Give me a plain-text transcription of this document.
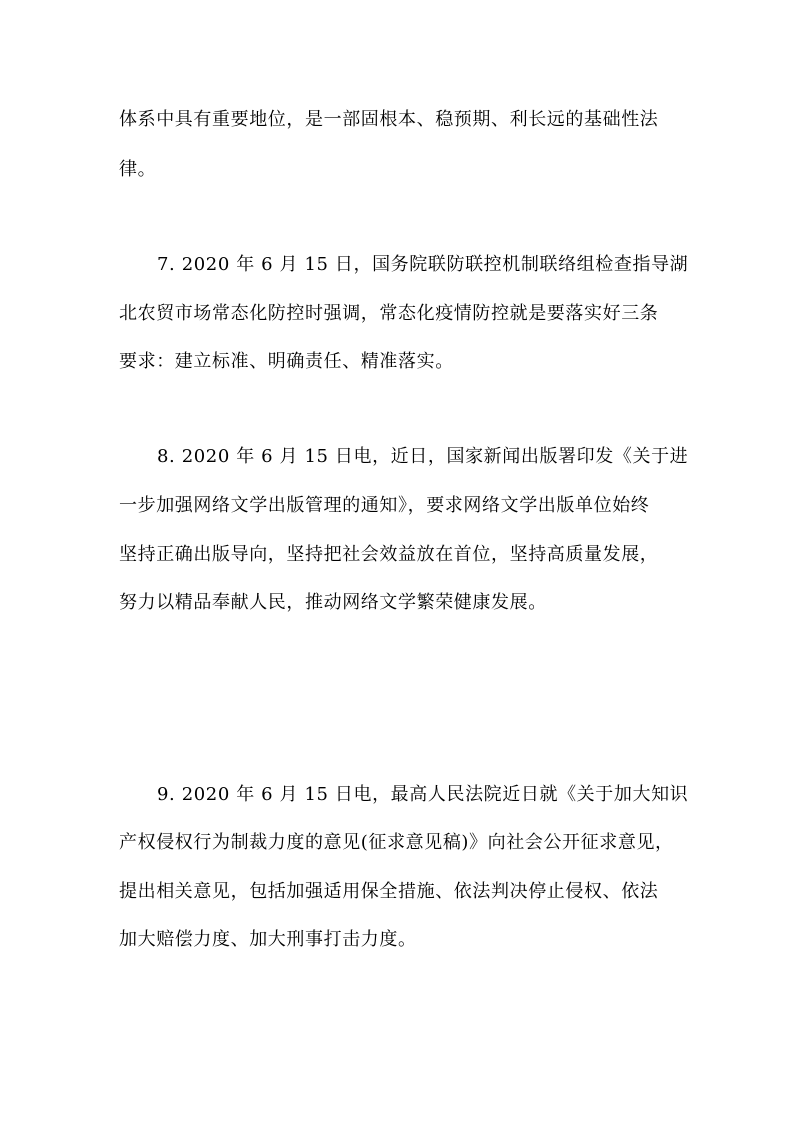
体系中具有重要地位，是一部固根本、稳预期、利长远的基础性法
律。
7. 2020 年 6 月 15 日，国务院联防联控机制联络组检查指导湖
北农贸市场常态化防控时强调，常态化疫情防控就是要落实好三条
要求：建立标准、明确责任、精准落实。
8. 2020 年 6 月 15 日电，近日，国家新闻出版署印发《关于进
一步加强网络文学出版管理的通知》，要求网络文学出版单位始终
坚持正确出版导向，坚持把社会效益放在首位，坚持高质量发展，
努力以精品奉献人民，推动网络文学繁荣健康发展。
9. 2020 年 6 月 15 日电，最高人民法院近日就《关于加大知识
产权侵权行为制裁力度的意见(征求意见稿)》向社会公开征求意见，
提出相关意见，包括加强适用保全措施、依法判决停止侵权、依法
加大赔偿力度、加大刑事打击力度。
